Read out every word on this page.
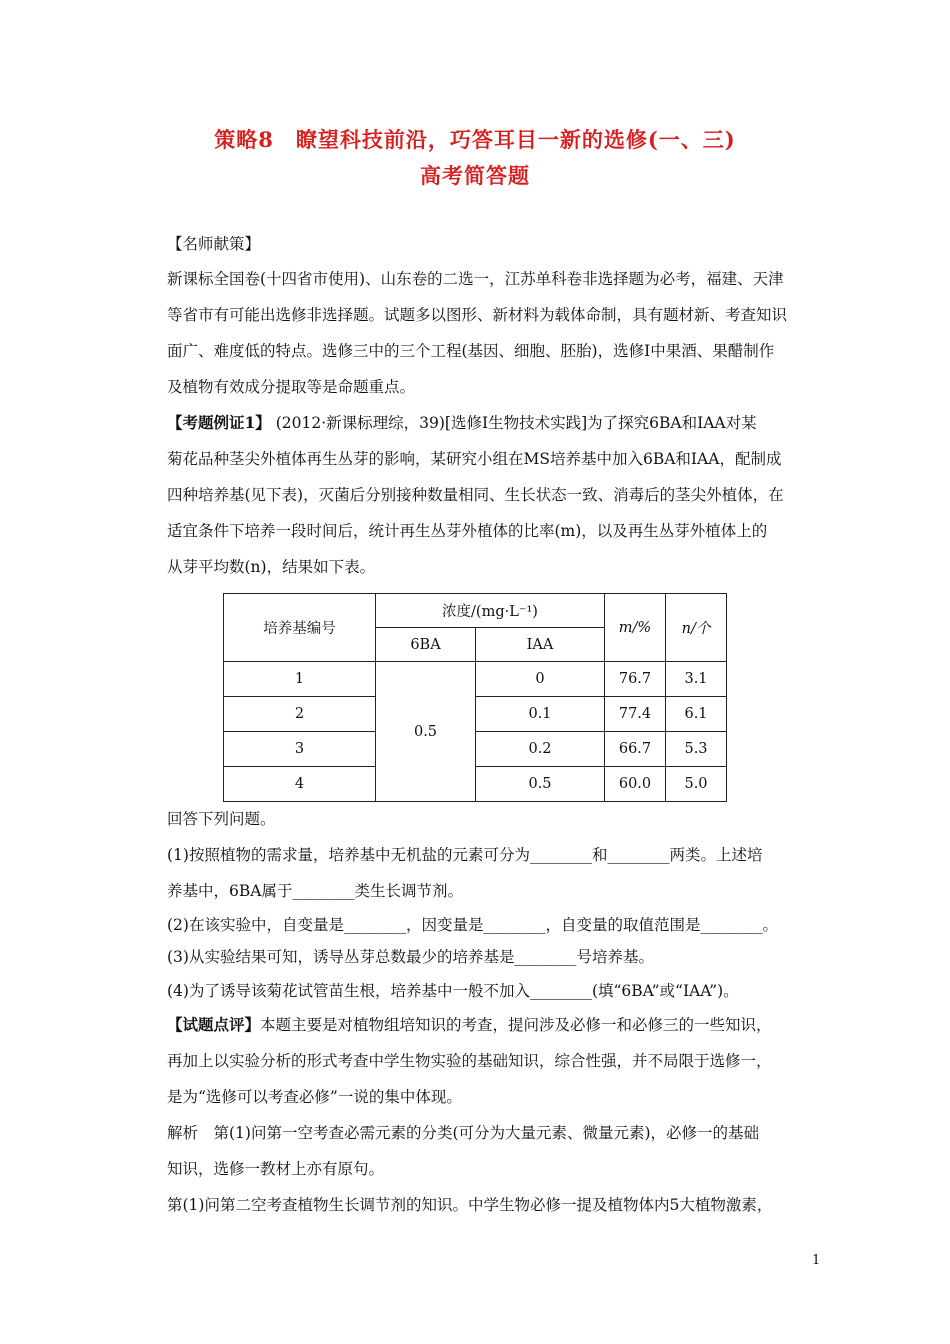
策略8　瞭望科技前沿，巧答耳目一新的选修(一、三)
高考简答题
【名师献策】
新课标全国卷(十四省市使用)、山东卷的二选一，江苏单科卷非选择题为必考，福建、天津
等省市有可能出选修非选择题。试题多以图形、新材料为载体命制，具有题材新、考查知识
面广、难度低的特点。选修三中的三个工程(基因、细胞、胚胎)，选修Ⅰ中果酒、果醋制作
及植物有效成分提取等是命题重点。
【考题例证1】 (2012·新课标理综，39)[选修Ⅰ生物技术实践]为了探究6BA和IAA对某
菊花品种茎尖外植体再生丛芽的影响，某研究小组在MS培养基中加入6BA和IAA，配制成
四种培养基(见下表)，灭菌后分别接种数量相同、生长状态一致、消毒后的茎尖外植体，在
适宜条件下培养一段时间后，统计再生丛芽外植体的比率(m)，以及再生丛芽外植体上的
从芽平均数(n)，结果如下表。
培养基编号	浓度/(mg·L⁻¹)		m/%	n/个
	6BA	IAA		
1	0.5	0	76.7	3.1
2		0.1	77.4	6.1
3		0.2	66.7	5.3
4		0.5	60.0	5.0
回答下列问题。
(1)按照植物的需求量，培养基中无机盐的元素可分为________和________两类。上述培
养基中，6BA属于________类生长调节剂。
(2)在该实验中，自变量是________，因变量是________，自变量的取值范围是________。
(3)从实验结果可知，诱导丛芽总数最少的培养基是________号培养基。
(4)为了诱导该菊花试管苗生根，培养基中一般不加入________(填“6BA”或“IAA”)。
【试题点评】本题主要是对植物组培知识的考查，提问涉及必修一和必修三的一些知识，
再加上以实验分析的形式考查中学生物实验的基础知识，综合性强，并不局限于选修一，
是为“选修可以考查必修”一说的集中体现。
解析　第(1)问第一空考查必需元素的分类(可分为大量元素、微量元素)，必修一的基础
知识，选修一教材上亦有原句。
第(1)问第二空考查植物生长调节剂的知识。中学生物必修一提及植物体内5大植物激素，
1
